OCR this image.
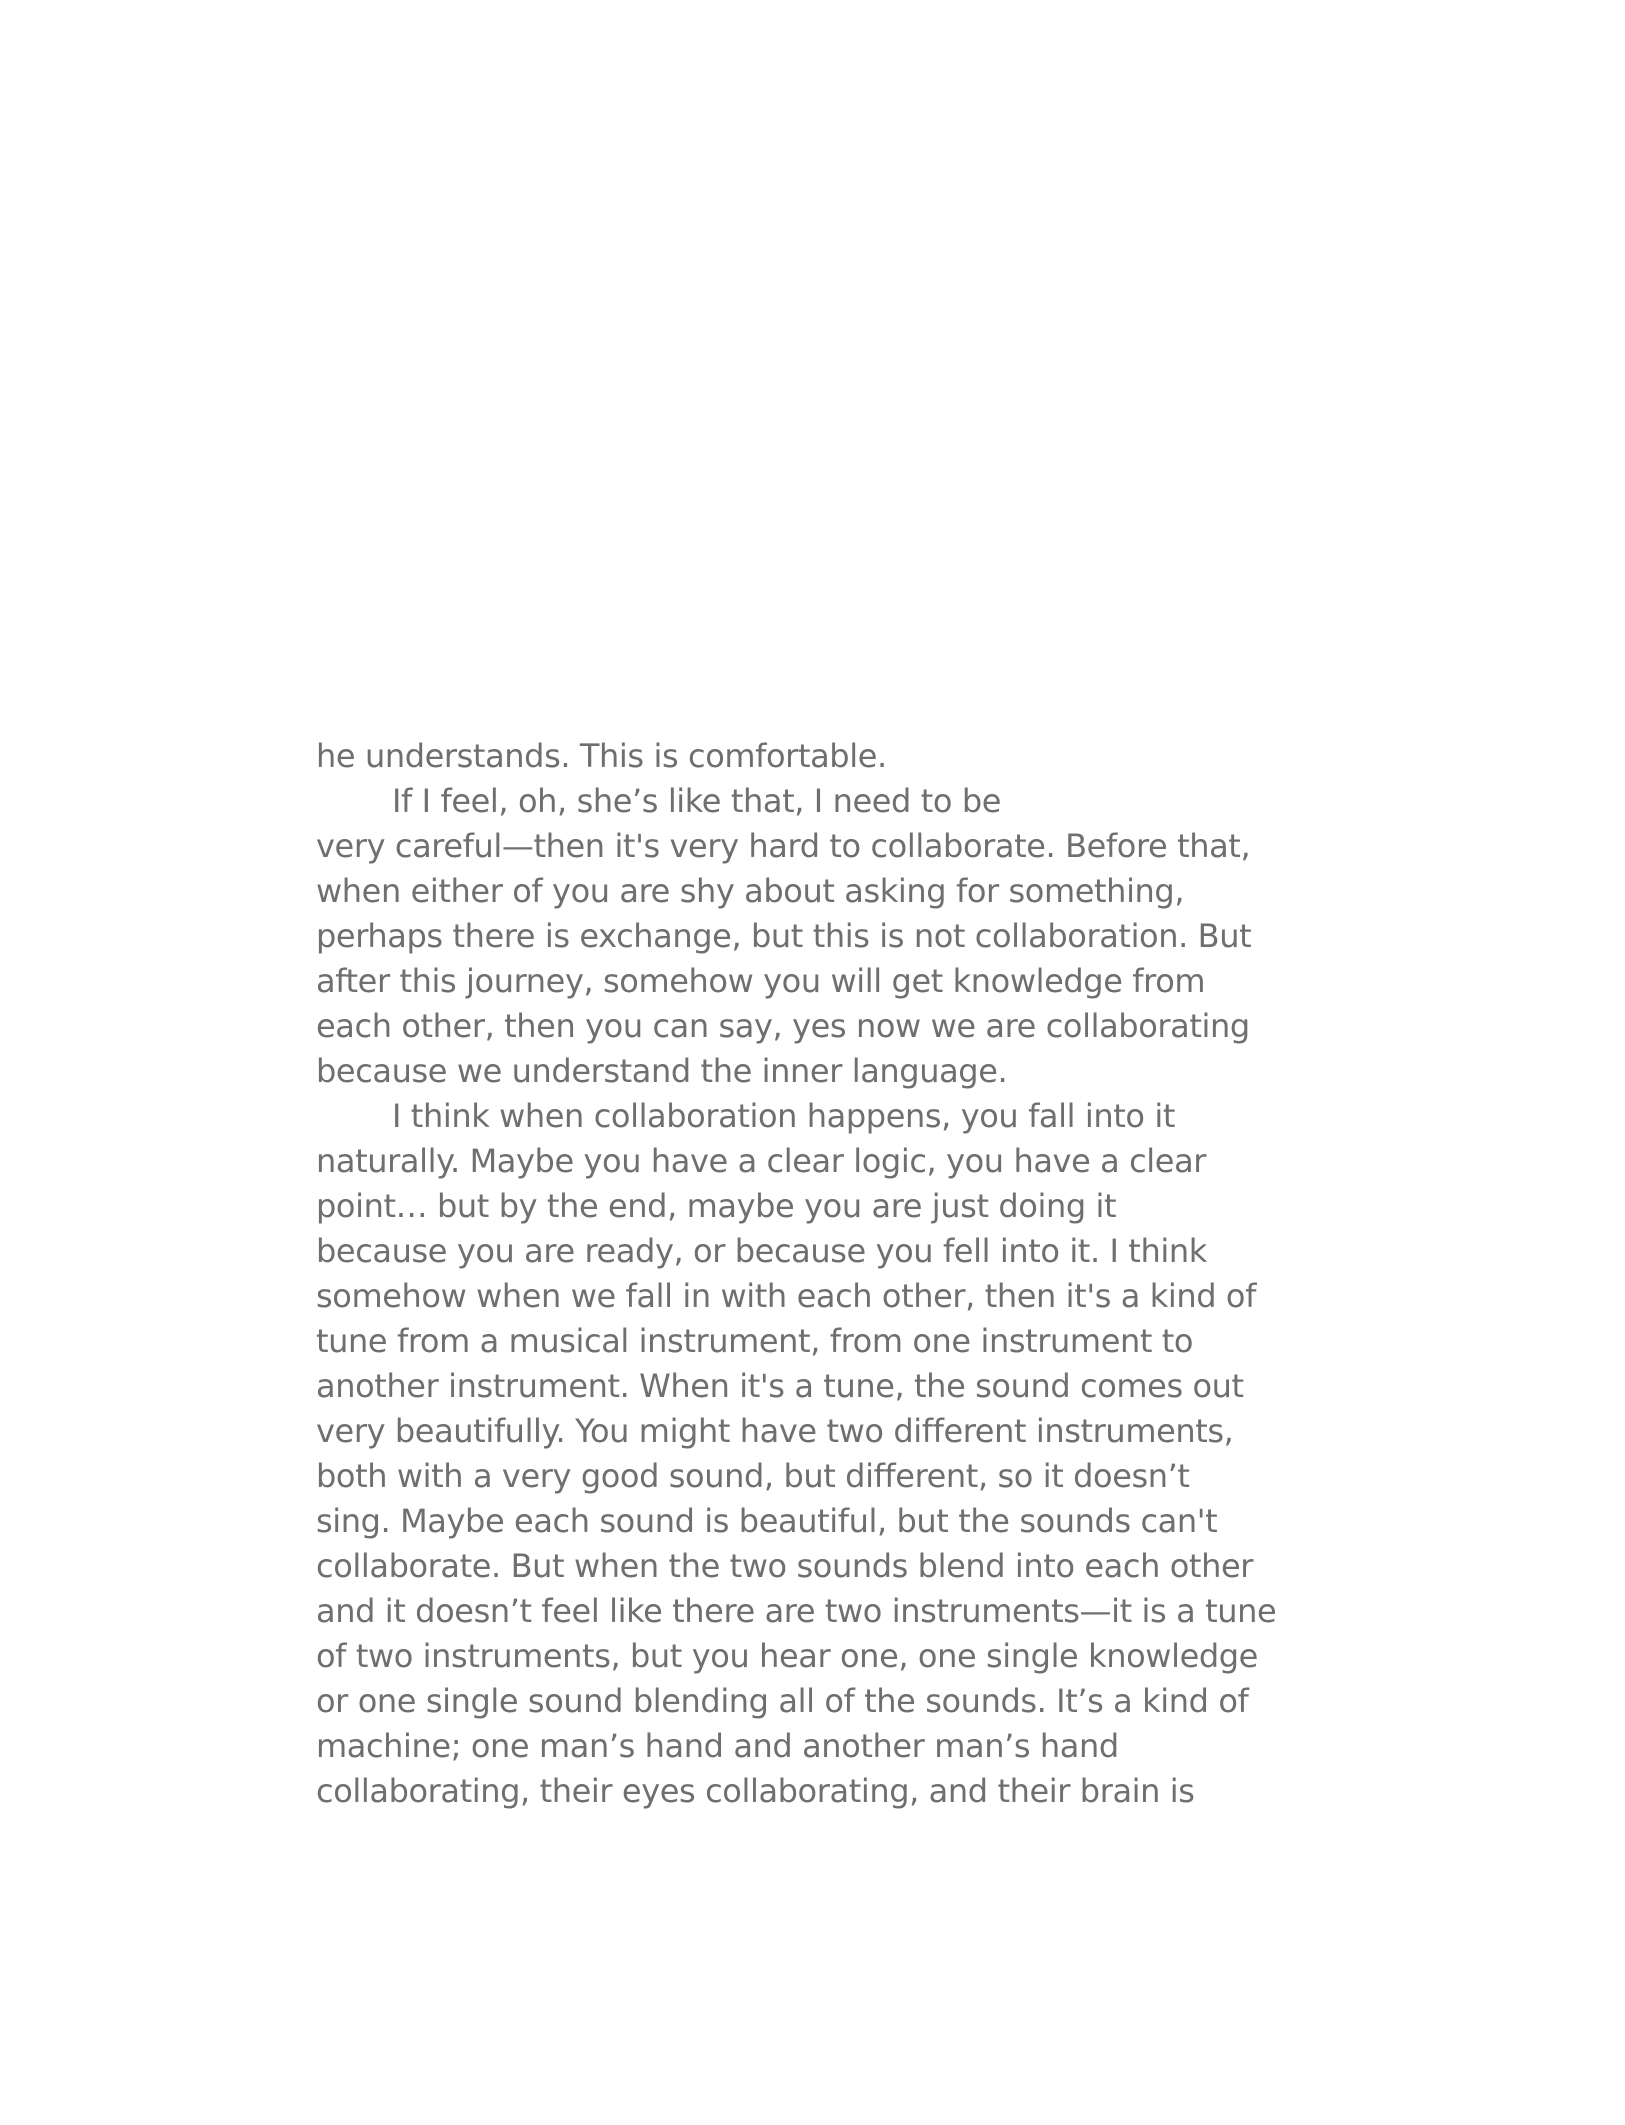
he understands. This is comfortable.
If I feel, oh, she’s like that, I need to be
very careful—then it's very hard to collaborate. Before that,
when either of you are shy about asking for something,
perhaps there is exchange, but this is not collaboration. But
after this journey, somehow you will get knowledge from
each other, then you can say, yes now we are collaborating
because we understand the inner language.
I think when collaboration happens, you fall into it
naturally. Maybe you have a clear logic, you have a clear
point… but by the end, maybe you are just doing it
because you are ready, or because you fell into it. I think
somehow when we fall in with each other, then it's a kind of
tune from a musical instrument, from one instrument to
another instrument. When it's a tune, the sound comes out
very beautifully. You might have two different instruments,
both with a very good sound, but different, so it doesn’t
sing. Maybe each sound is beautiful, but the sounds can't
collaborate. But when the two sounds blend into each other
and it doesn’t feel like there are two instruments—it is a tune
of two instruments, but you hear one, one single knowledge
or one single sound blending all of the sounds. It’s a kind of
machine; one man’s hand and another man’s hand
collaborating, their eyes collaborating, and their brain is
